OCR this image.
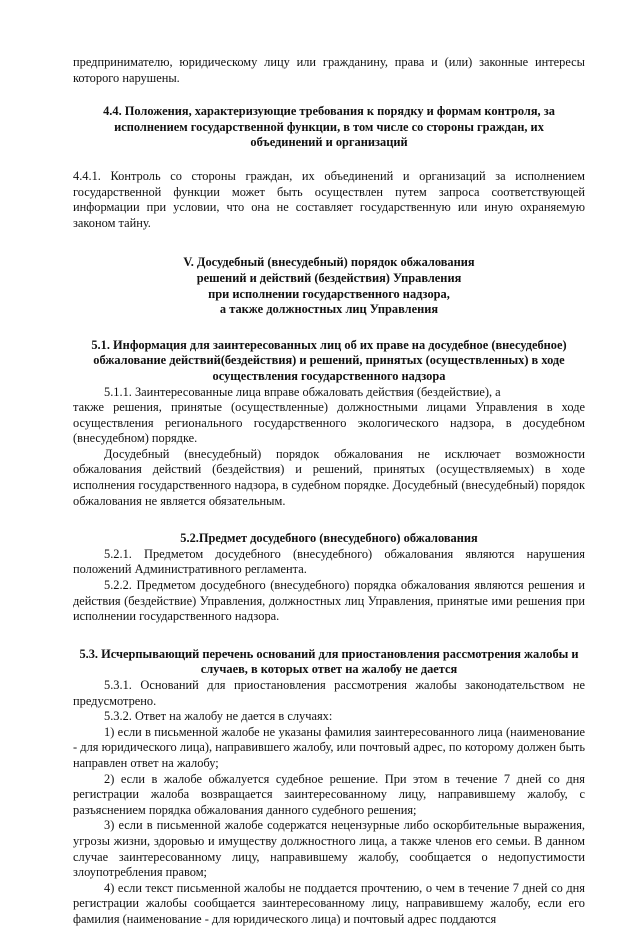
предпринимателю, юридическому лицу или гражданину, права и (или) законные интересы которого нарушены.

4.4. Положения, характеризующие требования к порядку и формам контроля, за исполнением государственной функции, в том числе со стороны граждан, их объединений и организаций

4.4.1. Контроль со стороны граждан, их объединений и организаций за исполнением государственной функции может быть осуществлен путем запроса соответствующей информации при условии, что она не составляет государственную или иную охраняемую законом тайну.

V. Досудебный (внесудебный) порядок обжалования
решений и действий (бездействия) Управления
при исполнении государственного надзора,
а также должностных лиц Управления

5.1. Информация для заинтересованных лиц об их праве на досудебное (внесудебное) обжалование действий(бездействия) и решений, принятых (осуществленных) в ходе осуществления государственного надзора

5.1.1. Заинтересованные лица вправе обжаловать действия (бездействие), а

также решения, принятые (осуществленные) должностными лицами Управления в ходе осуществления регионального государственного экологического надзора, в досудебном (внесудебном) порядке.

Досудебный (внесудебный) порядок обжалования не исключает возможности обжалования действий (бездействия) и решений, принятых (осуществляемых) в ходе исполнения государственного надзора, в судебном порядке. Досудебный (внесудебный) порядок обжалования не является обязательным.

5.2.Предмет досудебного (внесудебного) обжалования

5.2.1. Предметом досудебного (внесудебного) обжалования являются нарушения положений Административного регламента.

5.2.2. Предметом досудебного (внесудебного) порядка обжалования являются решения и действия (бездействие) Управления, должностных лиц Управления, принятые ими решения при исполнении государственного надзора.

5.3. Исчерпывающий перечень оснований для приостановления рассмотрения жалобы и случаев, в которых ответ на жалобу не дается

5.3.1. Оснований для приостановления рассмотрения жалобы законодательством не предусмотрено.

5.3.2. Ответ на жалобу не дается в случаях:

1) если в письменной жалобе не указаны фамилия заинтересованного лица (наименование - для юридического лица), направившего жалобу, или почтовый адрес, по которому должен быть направлен ответ на жалобу;

2) если в жалобе обжалуется судебное решение. При этом в течение 7 дней со дня регистрации жалоба возвращается заинтересованному лицу, направившему жалобу, с разъяснением порядка обжалования данного судебного решения;

3) если в письменной жалобе содержатся нецензурные либо оскорбительные выражения, угрозы жизни, здоровью и имуществу должностного лица, а также членов его семьи. В данном случае заинтересованному лицу, направившему жалобу, сообщается о недопустимости злоупотребления правом;

4) если текст письменной жалобы не поддается прочтению, о чем в течение 7 дней со дня регистрации жалобы сообщается заинтересованному лицу, направившему жалобу, если его фамилия (наименование - для юридического лица) и почтовый адрес поддаются
